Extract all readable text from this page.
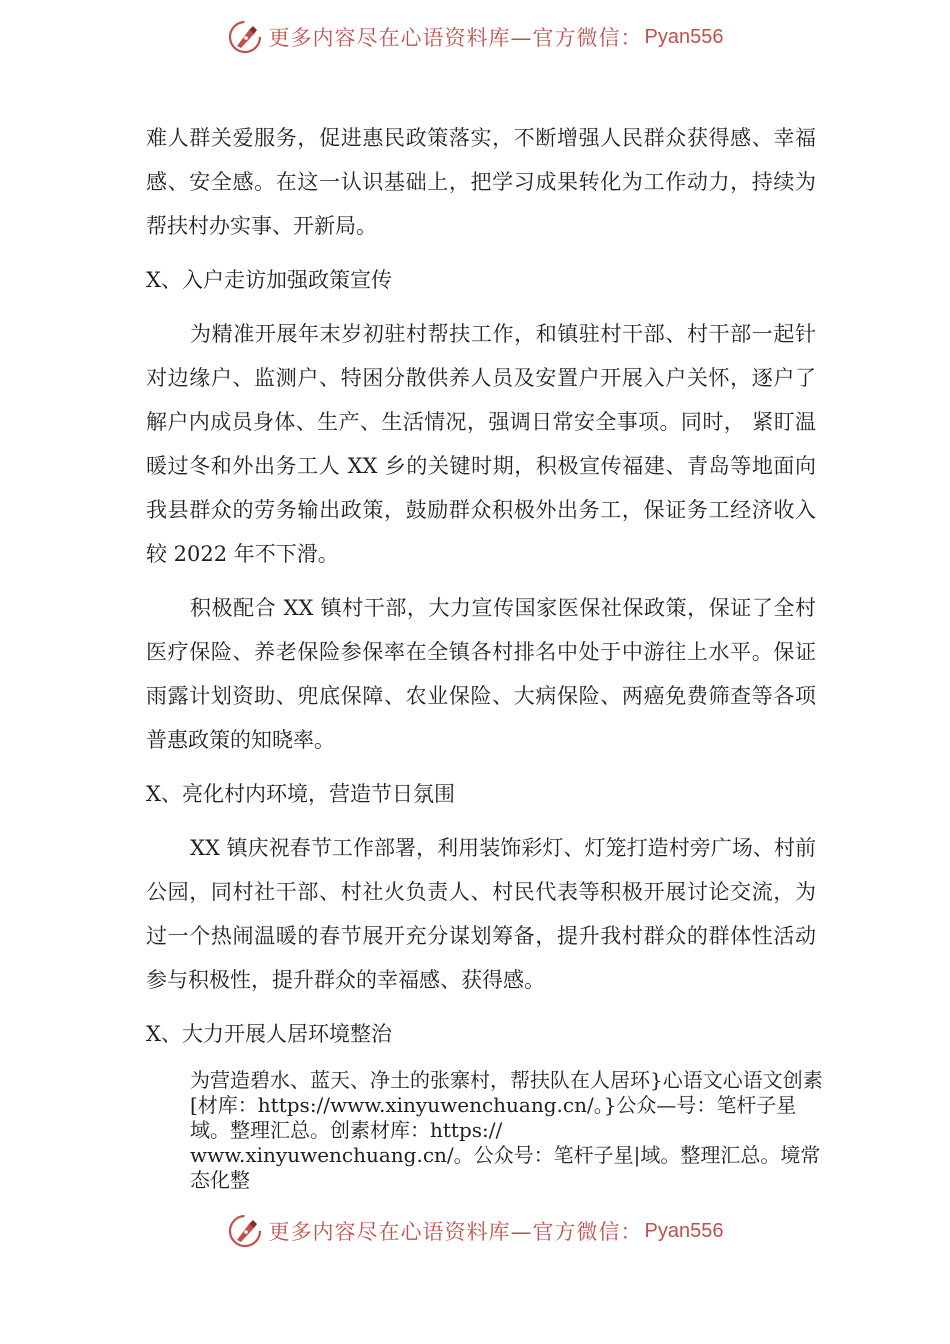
更多内容尽在心语资料库—官方微信： Pyan556

难人群关爱服务，促进惠民政策落实，不断增强人民群众获得感、幸福感、安全感。在这一认识基础上，把学习成果转化为工作动力，持续为帮扶村办实事、开新局。

X、入户走访加强政策宣传

为精准开展年末岁初驻村帮扶工作，和镇驻村干部、村干部一起针对边缘户、监测户、特困分散供养人员及安置户开展入户关怀，逐户了解户内成员身体、生产、生活情况，强调日常安全事项。同时， 紧盯温暖过冬和外出务工人 XX 乡的关键时期，积极宣传福建、青岛等地面向我县群众的劳务输出政策，鼓励群众积极外出务工，保证务工经济收入较 2022 年不下滑。

积极配合 XX 镇村干部，大力宣传国家医保社保政策，保证了全村医疗保险、养老保险参保率在全镇各村排名中处于中游往上水平。保证雨露计划资助、兜底保障、农业保险、大病保险、两癌免费筛查等各项普惠政策的知晓率。

X、亮化村内环境，营造节日氛围

XX 镇庆祝春节工作部署，利用装饰彩灯、灯笼打造村旁广场、村前公园，同村社干部、村社火负责人、村民代表等积极开展讨论交流，为过一个热闹温暖的春节展开充分谋划筹备，提升我村群众的群体性活动参与积极性，提升群众的幸福感、获得感。

X、大力开展人居环境整治

为营造碧水、蓝天、净土的张寨村，帮扶队在人居环}心语文心语文创素[材库：https://www.xinyuwenchuang.cn/。}公众—号：笔杆子星域。整理汇总。创素材库：https://
www.xinyuwenchuang.cn/。公众号：笔杆子星|域。整理汇总。境常态化整
更多内容尽在心语资料库—官方微信： Pyan556
